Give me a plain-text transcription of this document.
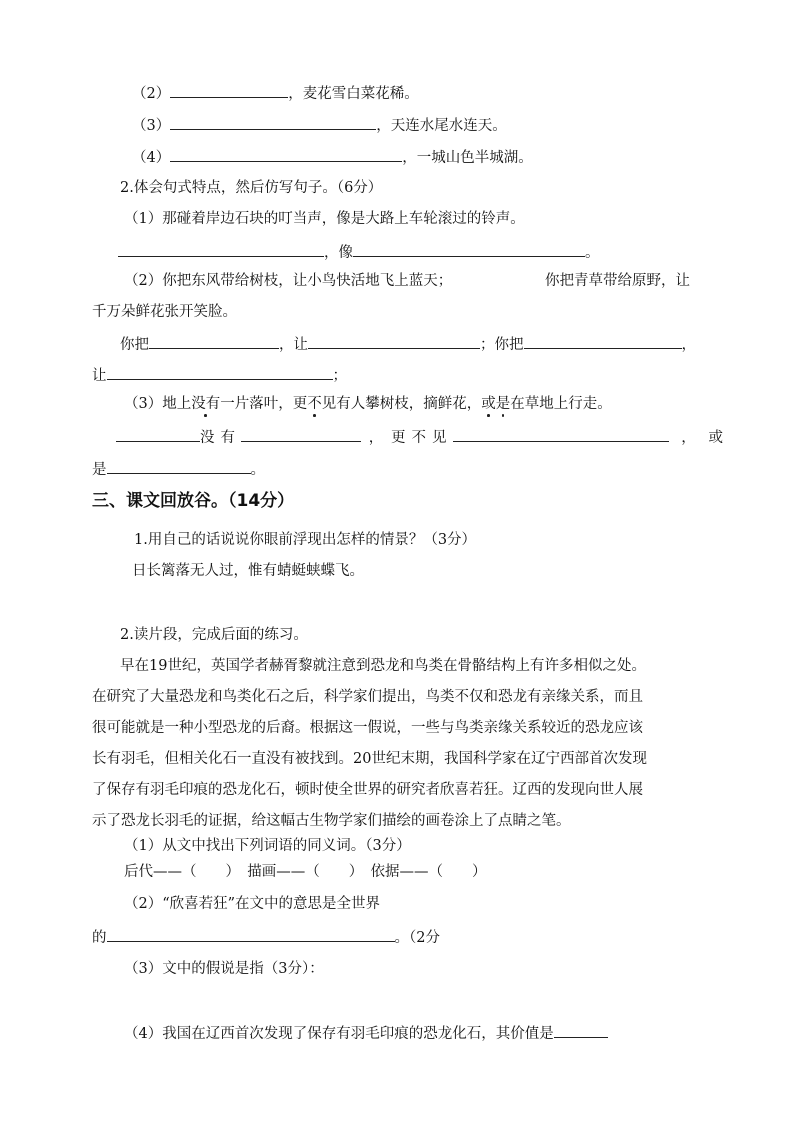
（2）	，麦花雪白菜花稀。
（3）	，天连水尾水连天。
（4）	，一城山色半城湖。
2.体会句式特点，然后仿写句子。（6分）
（1）那碰着岸边石块的叮当声，像是大路上车轮滚过的铃声。
，像	。
（2）你把东风带给树枝，让小鸟快活地飞上蓝天；	你把青草带给原野，让
千万朵鲜花张开笑脸。
你把	，让	；你把	，
让	；
（3）地上没有一片落叶，更不见有人攀树枝，摘鲜花，或是在草地上行走。
没有	， 更不见	， 或
是	。
三、课文回放谷。（14分）
1.用自己的话说说你眼前浮现出怎样的情景？（3分）
日长篱落无人过，惟有蜻蜓蛱蝶飞。
2.读片段，完成后面的练习。
早在19世纪，英国学者赫胥黎就注意到恐龙和鸟类在骨骼结构上有许多相似之处。
在研究了大量恐龙和鸟类化石之后，科学家们提出，鸟类不仅和恐龙有亲缘关系，而且
很可能就是一种小型恐龙的后裔。根据这一假说，一些与鸟类亲缘关系较近的恐龙应该
长有羽毛，但相关化石一直没有被找到。20世纪末期，我国科学家在辽宁西部首次发现
了保存有羽毛印痕的恐龙化石，顿时使全世界的研究者欣喜若狂。辽西的发现向世人展
示了恐龙长羽毛的证据，给这幅古生物学家们描绘的画卷涂上了点睛之笔。
（1）从文中找出下列词语的同义词。（3分）
后代——（　　）　描画——（　　）　依据——（　　）
（2）“欣喜若狂”在文中的意思是全世界
的	。（2分
（3）文中的假说是指（3分）：
（4）我国在辽西首次发现了保存有羽毛印痕的恐龙化石，其价值是
